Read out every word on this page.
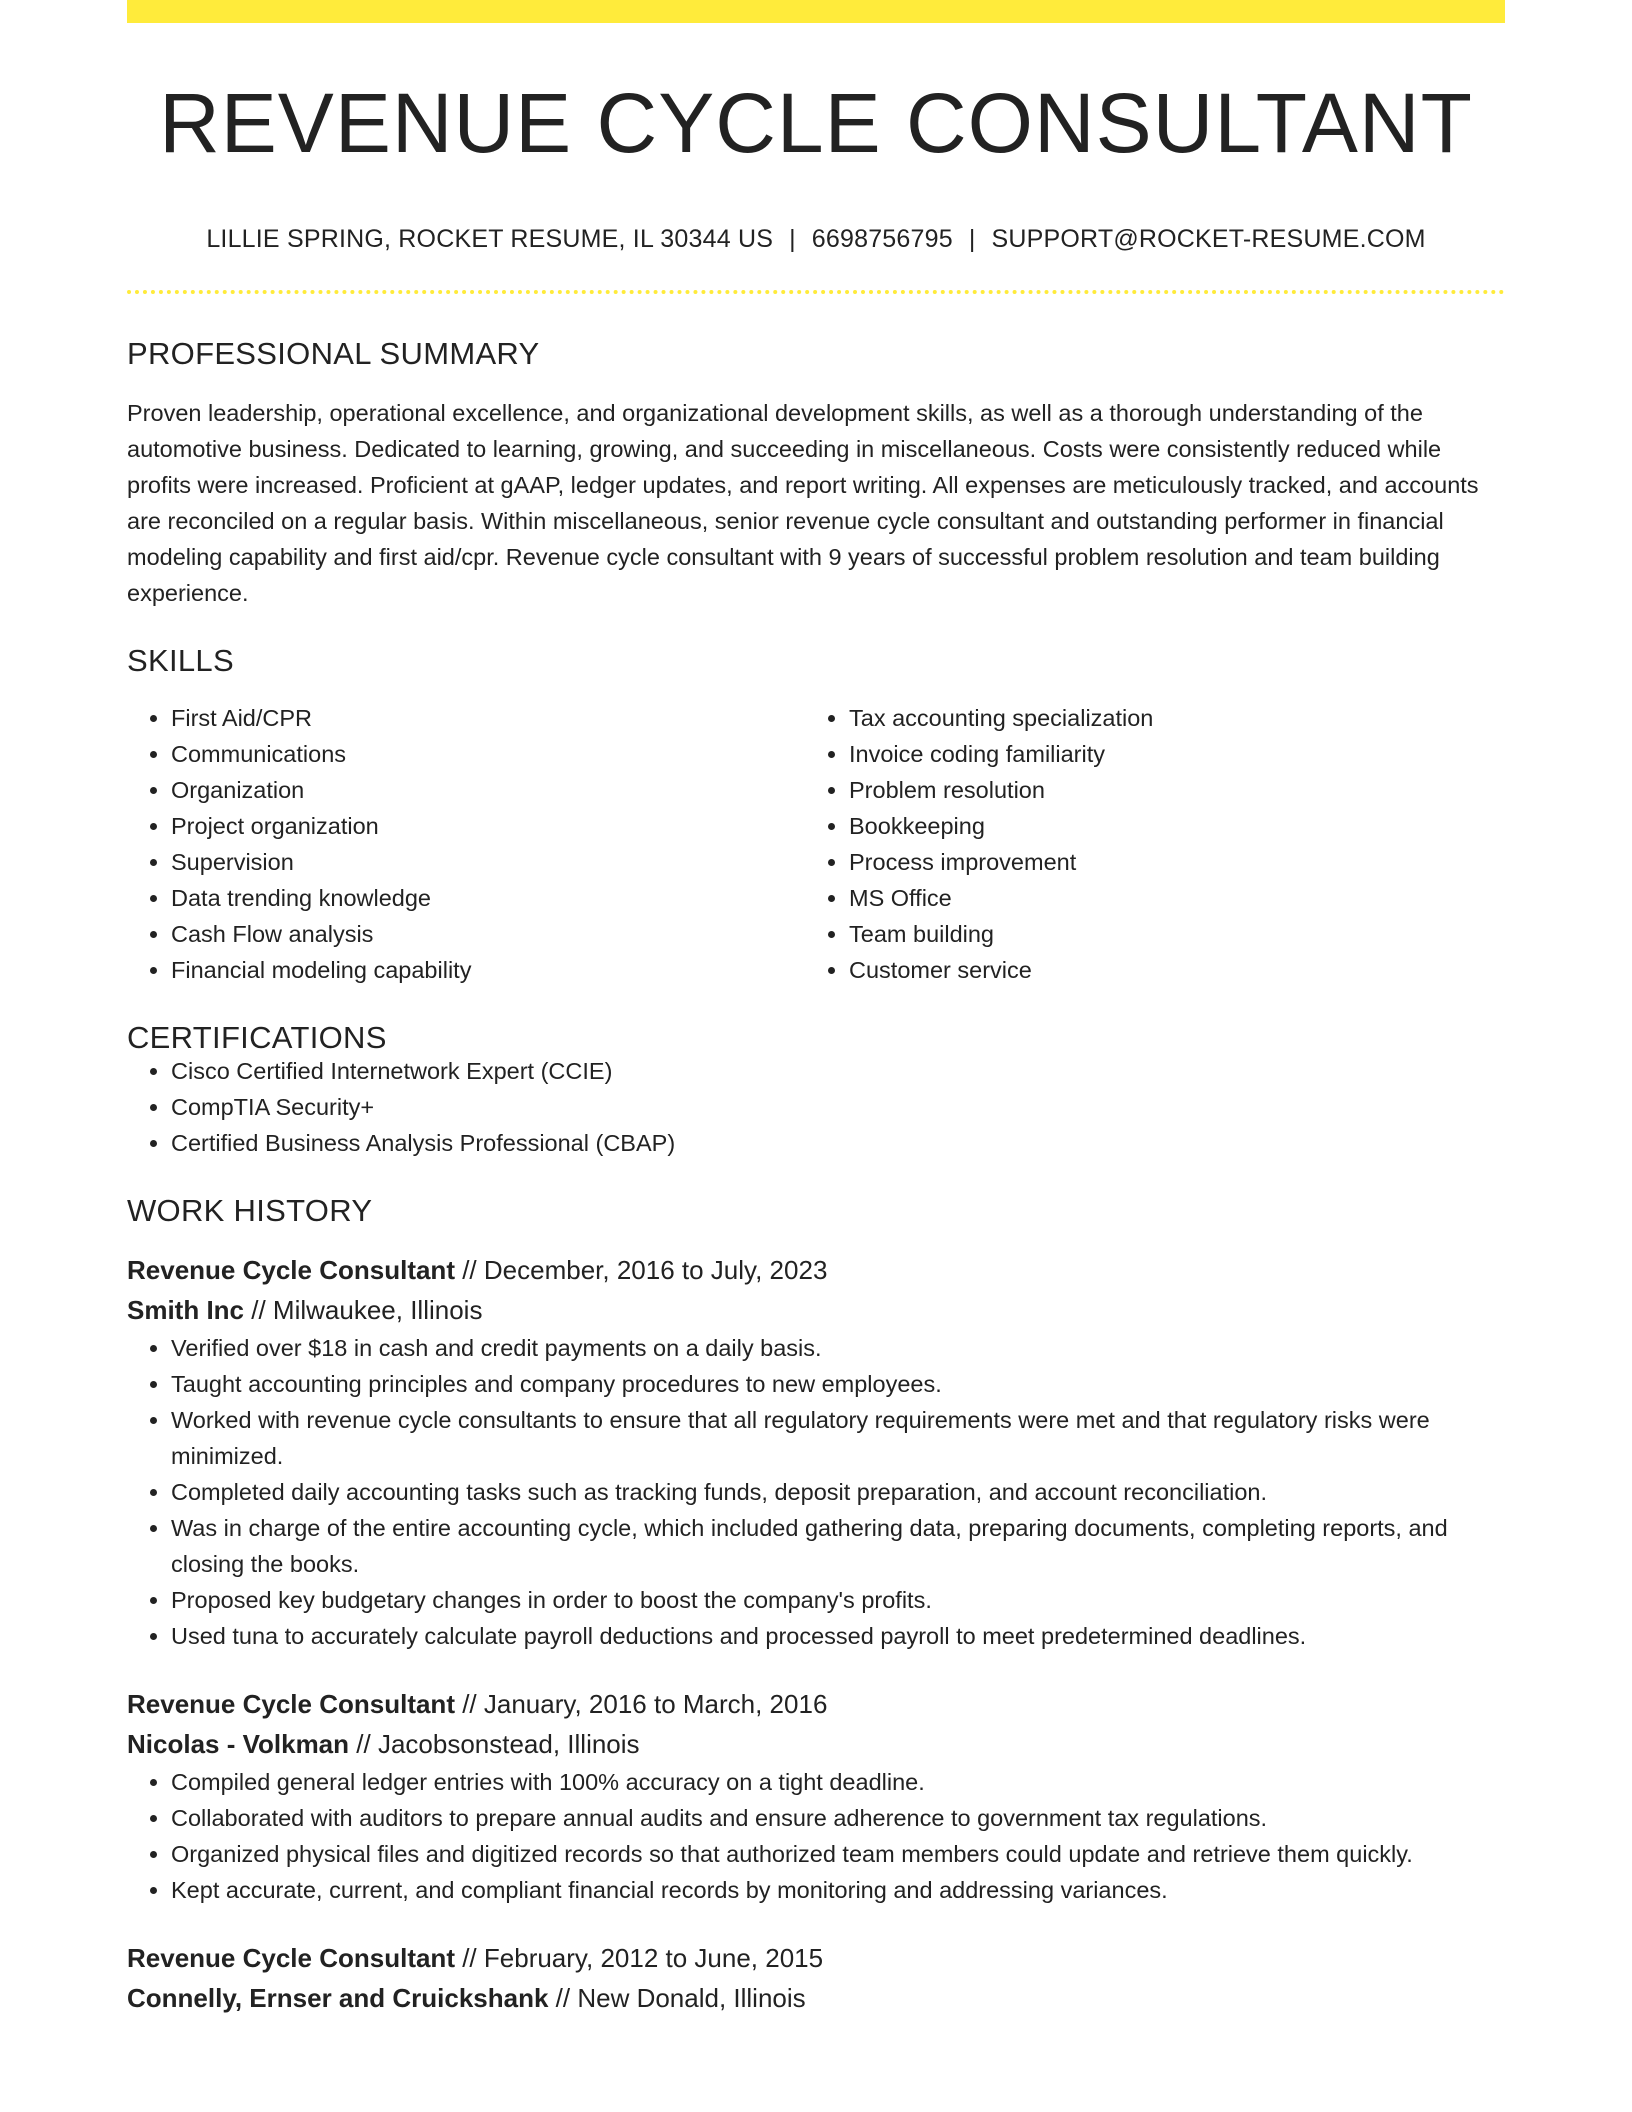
REVENUE CYCLE CONSULTANT
LILLIE SPRING, ROCKET RESUME, IL 30344 US | 6698756795 | SUPPORT@ROCKET-RESUME.COM
PROFESSIONAL SUMMARY
Proven leadership, operational excellence, and organizational development skills, as well as a thorough understanding of the automotive business. Dedicated to learning, growing, and succeeding in miscellaneous. Costs were consistently reduced while profits were increased. Proficient at gAAP, ledger updates, and report writing. All expenses are meticulously tracked, and accounts are reconciled on a regular basis. Within miscellaneous, senior revenue cycle consultant and outstanding performer in financial modeling capability and first aid/cpr. Revenue cycle consultant with 9 years of successful problem resolution and team building experience.
SKILLS
• First Aid/CPR
• Communications
• Organization
• Project organization
• Supervision
• Data trending knowledge
• Cash Flow analysis
• Financial modeling capability
• Tax accounting specialization
• Invoice coding familiarity
• Problem resolution
• Bookkeeping
• Process improvement
• MS Office
• Team building
• Customer service
CERTIFICATIONS
• Cisco Certified Internetwork Expert (CCIE)
• CompTIA Security+
• Certified Business Analysis Professional (CBAP)
WORK HISTORY
Revenue Cycle Consultant // December, 2016 to July, 2023
Smith Inc // Milwaukee, Illinois
• Verified over $18 in cash and credit payments on a daily basis.
• Taught accounting principles and company procedures to new employees.
• Worked with revenue cycle consultants to ensure that all regulatory requirements were met and that regulatory risks were minimized.
• Completed daily accounting tasks such as tracking funds, deposit preparation, and account reconciliation.
• Was in charge of the entire accounting cycle, which included gathering data, preparing documents, completing reports, and closing the books.
• Proposed key budgetary changes in order to boost the company's profits.
• Used tuna to accurately calculate payroll deductions and processed payroll to meet predetermined deadlines.
Revenue Cycle Consultant // January, 2016 to March, 2016
Nicolas - Volkman // Jacobsonstead, Illinois
• Compiled general ledger entries with 100% accuracy on a tight deadline.
• Collaborated with auditors to prepare annual audits and ensure adherence to government tax regulations.
• Organized physical files and digitized records so that authorized team members could update and retrieve them quickly.
• Kept accurate, current, and compliant financial records by monitoring and addressing variances.
Revenue Cycle Consultant // February, 2012 to June, 2015
Connelly, Ernser and Cruickshank // New Donald, Illinois
